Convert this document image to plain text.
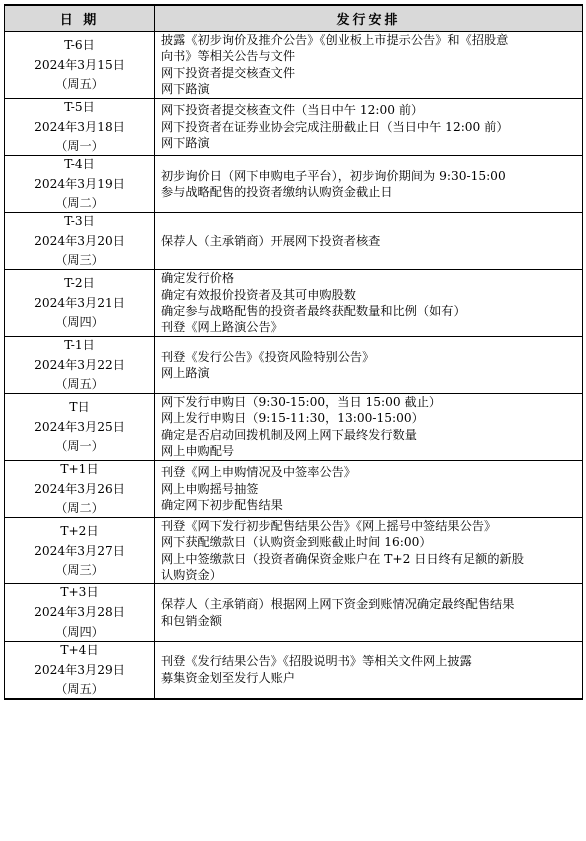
日 期	发行安排

T-6日
2024年3月15日
（周五）	披露《初步询价及推介公告》《创业板上市提示公告》和《招股意
向书》等相关公告与文件
网下投资者提交核查文件
网下路演

T-5日
2024年3月18日
（周一）	网下投资者提交核查文件（当日中午 12:00 前）
网下投资者在证券业协会完成注册截止日（当日中午 12:00 前）
网下路演

T-4日
2024年3月19日
（周二）	初步询价日（网下申购电子平台），初步询价期间为 9:30-15:00
参与战略配售的投资者缴纳认购资金截止日

T-3日
2024年3月20日
（周三）	保荐人（主承销商）开展网下投资者核查

T-2日
2024年3月21日
（周四）	确定发行价格
确定有效报价投资者及其可申购股数
确定参与战略配售的投资者最终获配数量和比例（如有）
刊登《网上路演公告》

T-1日
2024年3月22日
（周五）	刊登《发行公告》《投资风险特别公告》
网上路演

T日
2024年3月25日
（周一）	网下发行申购日（9:30-15:00，当日 15:00 截止）
网上发行申购日（9:15-11:30，13:00-15:00）
确定是否启动回拨机制及网上网下最终发行数量
网上申购配号

T+1日
2024年3月26日
（周二）	刊登《网上申购情况及中签率公告》
网上申购摇号抽签
确定网下初步配售结果

T+2日
2024年3月27日
（周三）	刊登《网下发行初步配售结果公告》《网上摇号中签结果公告》
网下获配缴款日（认购资金到账截止时间 16:00）
网上中签缴款日（投资者确保资金账户在 T+2 日日终有足额的新股
认购资金）

T+3日
2024年3月28日
（周四）	保荐人（主承销商）根据网上网下资金到账情况确定最终配售结果
和包销金额

T+4日
2024年3月29日
（周五）	刊登《发行结果公告》《招股说明书》等相关文件网上披露
募集资金划至发行人账户
